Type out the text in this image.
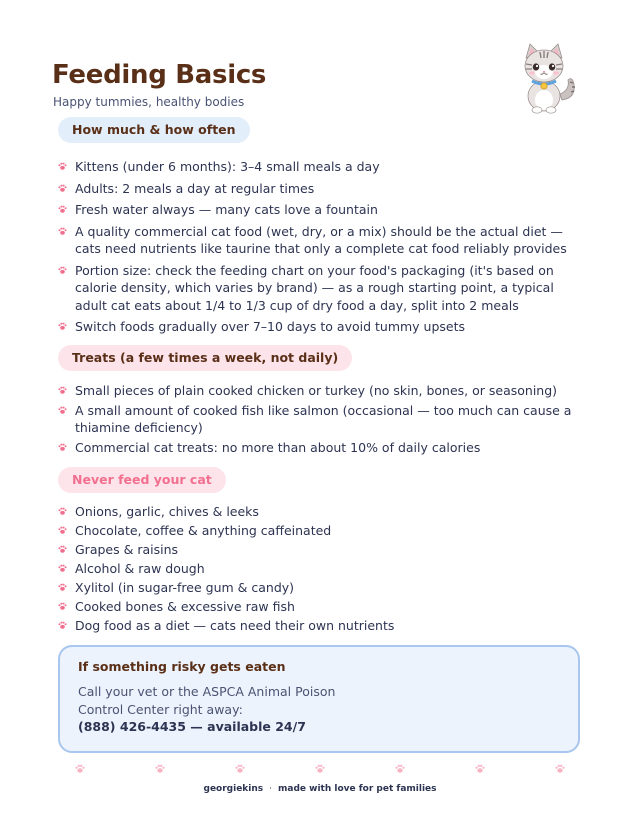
Feeding Basics

Happy tummies, healthy bodies

How much & how often
Kittens (under 6 months): 3–4 small meals a day
Adults: 2 meals a day at regular times
Fresh water always — many cats love a fountain
A quality commercial cat food (wet, dry, or a mix) should be the actual diet — cats need nutrients like taurine that only a complete cat food reliably provides
Portion size: check the feeding chart on your food's packaging (it's based on calorie density, which varies by brand) — as a rough starting point, a typical adult cat eats about 1/4 to 1/3 cup of dry food a day, split into 2 meals
Switch foods gradually over 7–10 days to avoid tummy upsets
Treats (a few times a week, not daily)
Small pieces of plain cooked chicken or turkey (no skin, bones, or seasoning)
A small amount of cooked fish like salmon (occasional — too much can cause a thiamine deficiency)
Commercial cat treats: no more than about 10% of daily calories
Never feed your cat
Onions, garlic, chives & leeks
Chocolate, coffee & anything caffeinated
Grapes & raisins
Alcohol & raw dough
Xylitol (in sugar-free gum & candy)
Cooked bones & excessive raw fish
Dog food as a diet — cats need their own nutrients
If something risky gets eaten
Call your vet or the ASPCA Animal Poison Control Center right away:
(888) 426-4435 — available 24/7
georgiekins · made with love for pet families
